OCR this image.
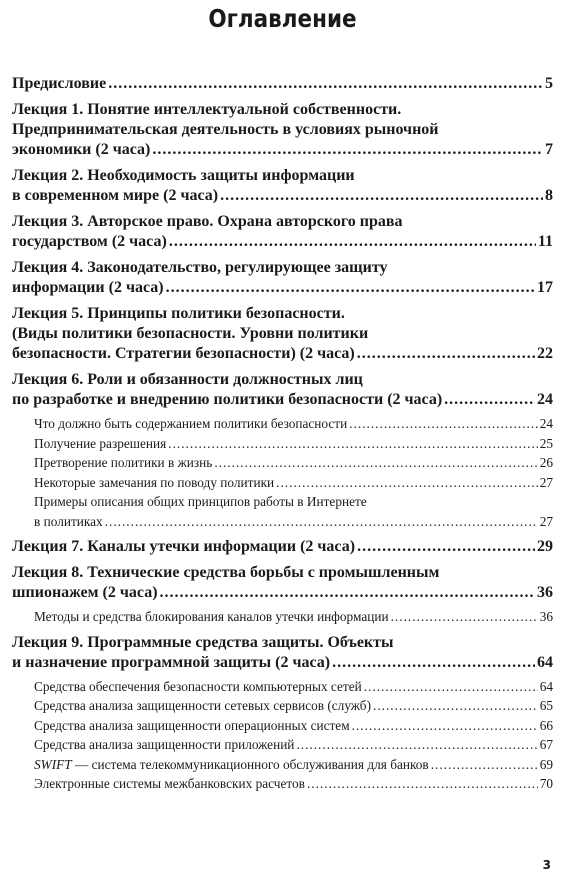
Оглавление
Предисловие .....	5
Лекция 1. Понятие интеллектуальной собственности.
Предпринимательская деятельность в условиях рыночной
экономики (2 часа) .....	7
Лекция 2. Необходимость защиты информации
в современном мире (2 часа) .....	8
Лекция 3. Авторское право. Охрана авторского права
государством (2 часа) .....	11
Лекция 4. Законодательство, регулирующее защиту
информации (2 часа) .....	17
Лекция 5. Принципы политики безопасности.
(Виды политики безопасности. Уровни политики
безопасности. Стратегии безопасности) (2 часа) .....	22
Лекция 6. Роли и обязанности должностных лиц
по разработке и внедрению политики безопасности (2 часа) .....	24
Что должно быть содержанием политики безопасности .....	24
Получение разрешения .....	25
Претворение политики в жизнь .....	26
Некоторые замечания по поводу политики .....	27
Примеры описания общих принципов работы в Интернете
в политиках .....	27
Лекция 7. Каналы утечки информации (2 часа) .....	29
Лекция 8. Технические средства борьбы с промышленным
шпионажем (2 часа) .....	36
Методы и средства блокирования каналов утечки информации .....	36
Лекция 9. Программные средства защиты. Объекты
и назначение программной защиты (2 часа) .....	64
Средства обеспечения безопасности компьютерных сетей .....	64
Средства анализа защищенности сетевых сервисов (служб) .....	65
Средства анализа защищенности операционных систем .....	66
Средства анализа защищенности приложений .....	67
SWIFT — система телекоммуникационного обслуживания для банков .....	69
Электронные системы межбанковских расчетов .....	70
3
